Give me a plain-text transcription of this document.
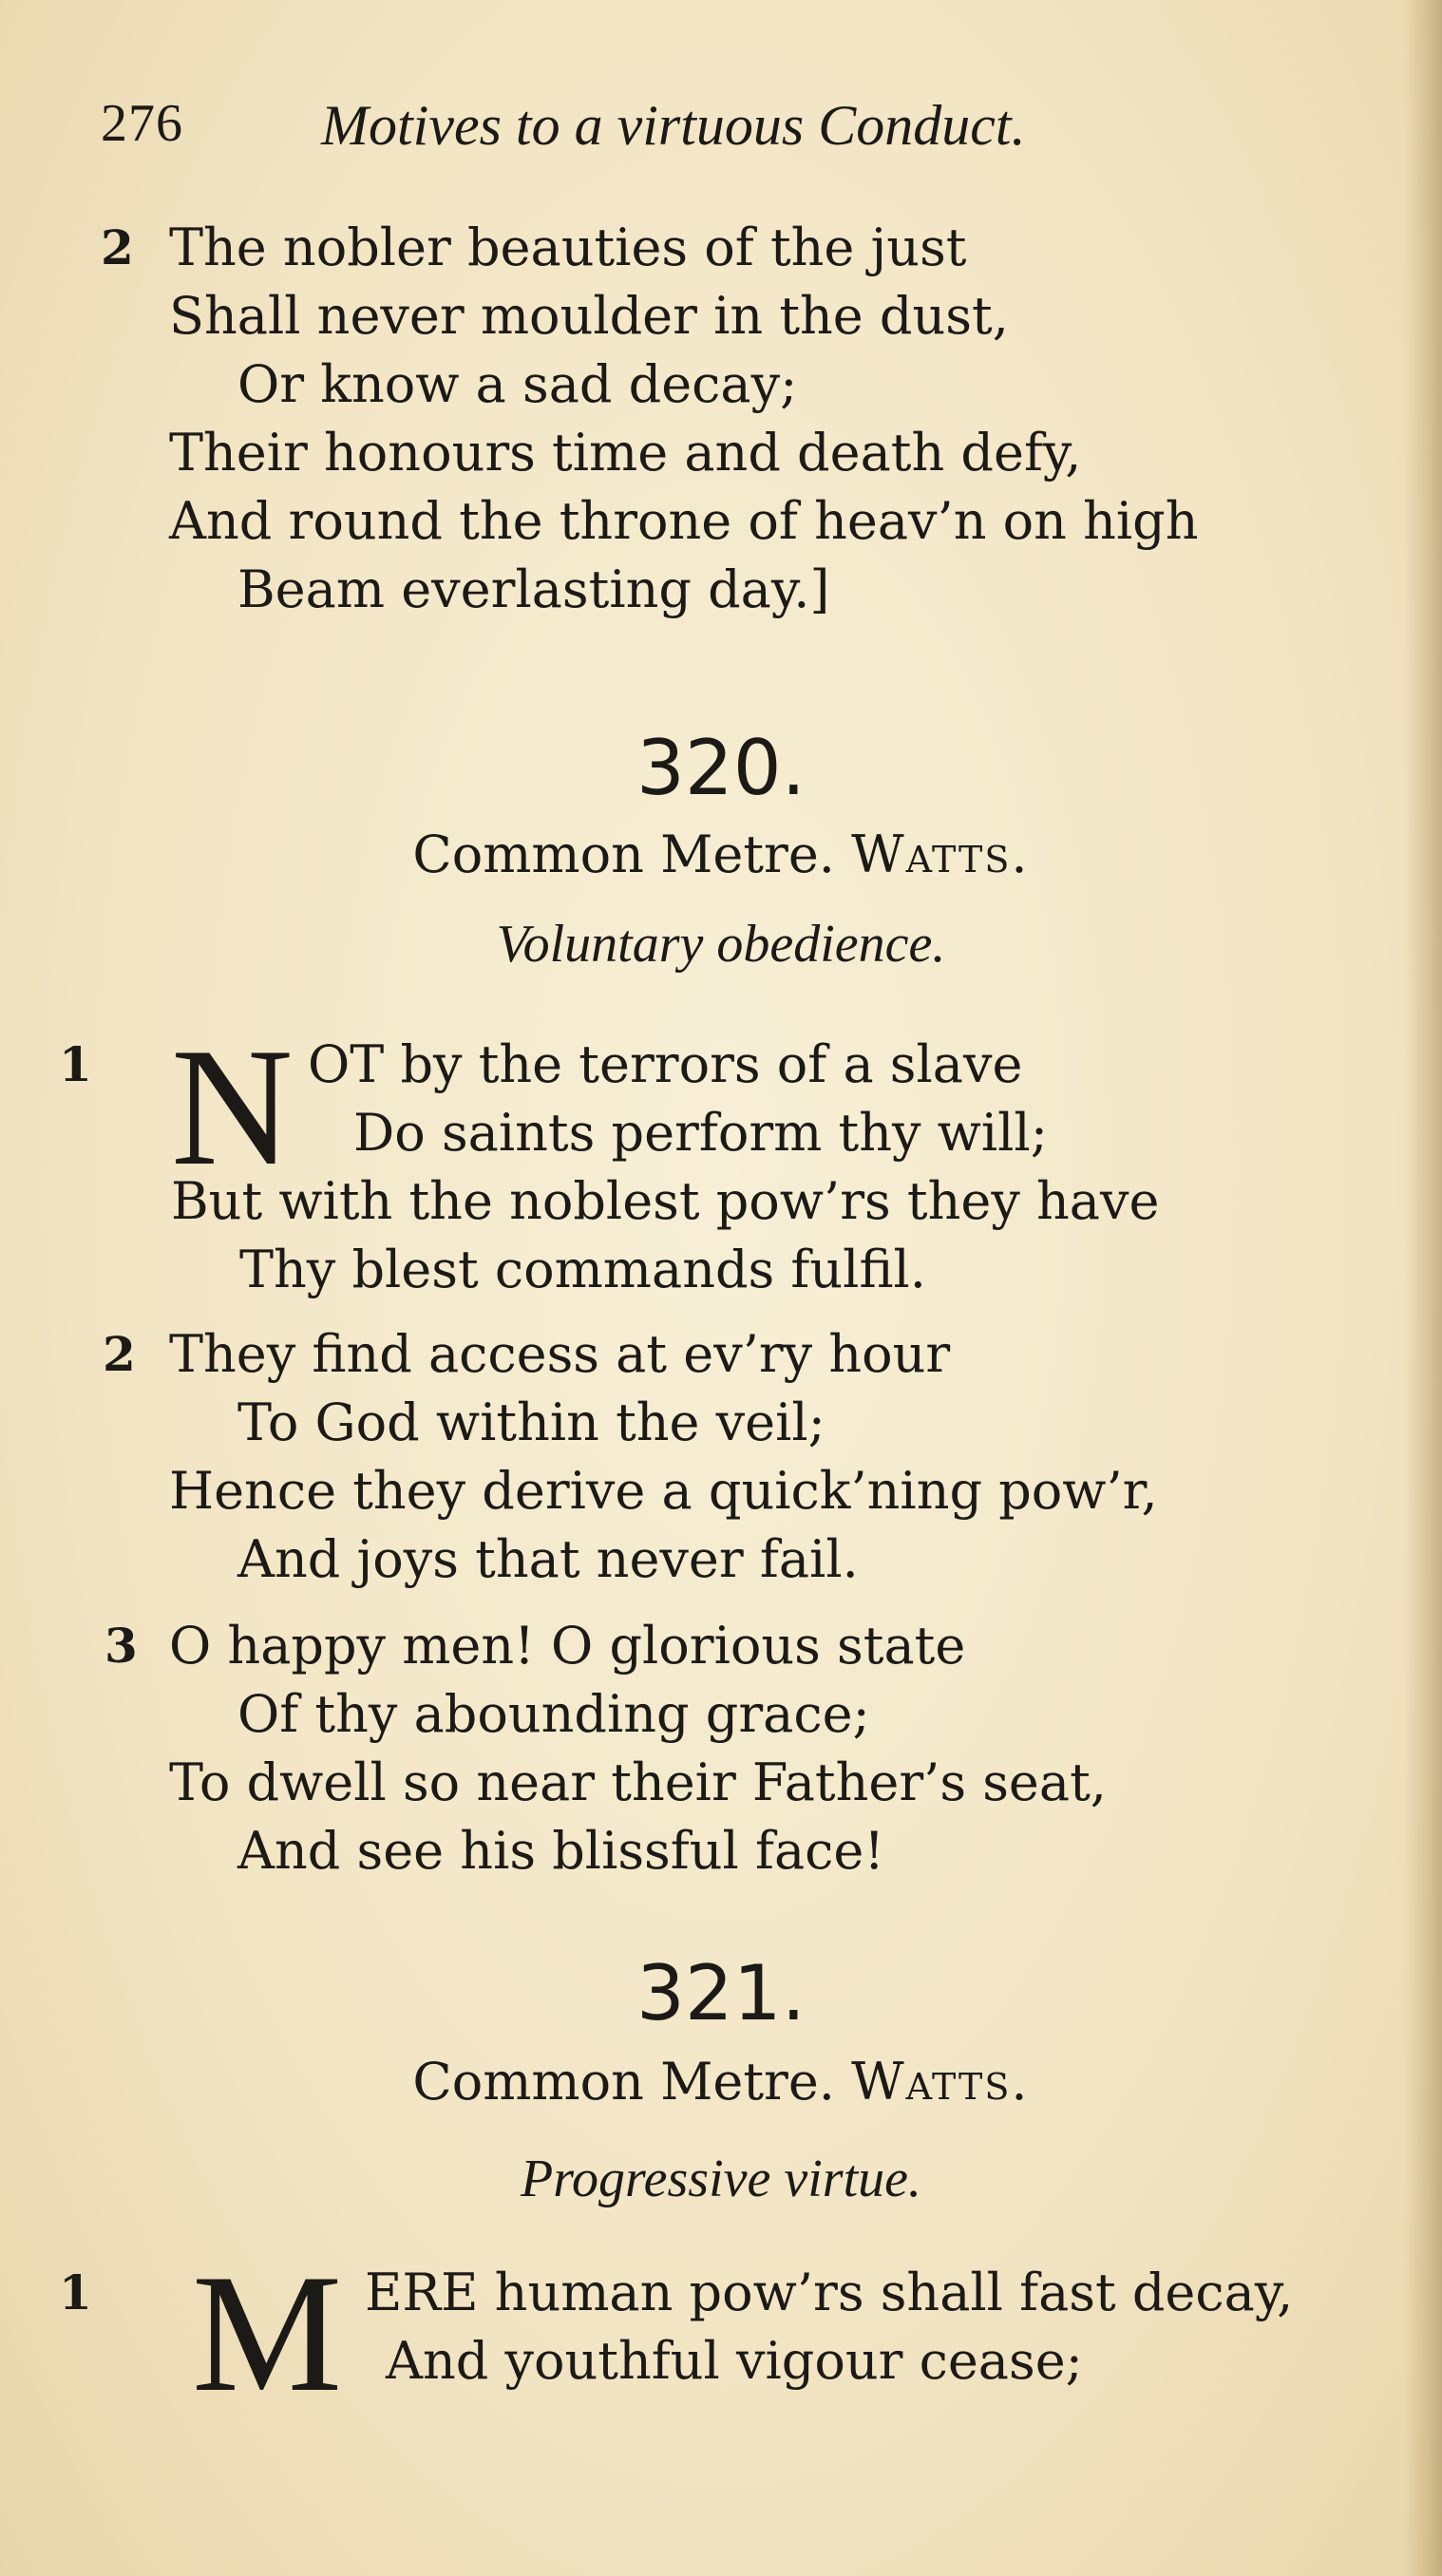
276 Motives to a virtuous Conduct.
2 The nobler beauties of the just
Shall never moulder in the dust,
Or know a sad decay;
Their honours time and death defy,
And round the throne of heav’n on high
Beam everlasting day.]
320.
Common Metre. Watts.
Voluntary obedience.
1 N OT by the terrors of a slave
Do saints perform thy will;
But with the noblest pow’rs they have
Thy blest commands fulfil.
2 They find access at ev’ry hour
To God within the veil;
Hence they derive a quick’ning pow’r,
And joys that never fail.
3 O happy men! O glorious state
Of thy abounding grace;
To dwell so near their Father’s seat,
And see his blissful face!
321.
Common Metre. Watts.
Progressive virtue.
1 M ERE human pow’rs shall fast decay,
And youthful vigour cease;
